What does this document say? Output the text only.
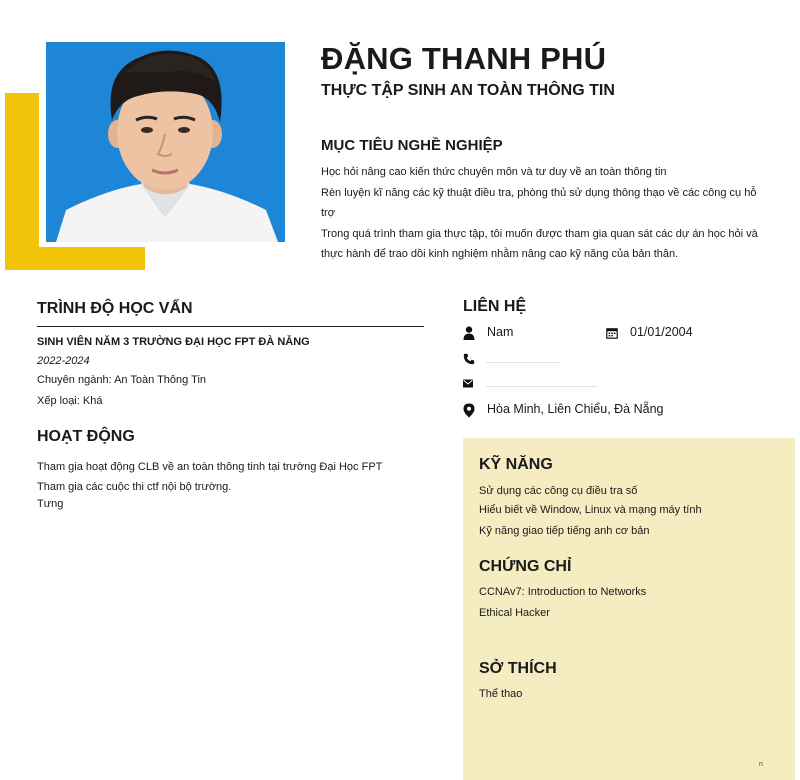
ĐẶNG THANH PHÚ
THỰC TẬP SINH AN TOÀN THÔNG TIN
MỤC TIÊU NGHỀ NGHIỆP
Học hỏi nâng cao kiến thức chuyên môn và tư duy về an toàn thông tin
Rèn luyện kĩ năng các kỹ thuật điều tra, phòng thủ sử dụng thông thạo về các công cụ hỗ trợ
Trong quá trình tham gia thực tập, tôi muốn được tham gia quan sát các dự án học hỏi và thực hành để trao dồi kinh nghiệm nhằm nâng cao kỹ năng của bản thân.
TRÌNH ĐỘ HỌC VẤN
SINH VIÊN NĂM 3 TRƯỜNG ĐẠI HỌC FPT ĐÀ NẴNG
2022-2024
Chuyên ngành: An Toàn Thông Tin
Xếp loại: Khá
HOẠT ĐỘNG
Tham gia hoạt động CLB về an toàn thông tinh tại trường Đại Học FPT
Tham gia các cuộc thi ctf nội bộ trường.
Tưng
LIÊN HỆ
Nam	01/01/2004
Hòa Minh, Liên Chiểu, Đà Nẵng
KỸ NĂNG
Sử dụng các công cụ điều tra số
Hiểu biết về Window, Linux và mạng máy tính
Kỹ năng giao tiếp tiếng anh cơ bản
CHỨNG CHỈ
CCNAv7: Introduction to Networks
Ethical Hacker
SỞ THÍCH
Thể thao
n
